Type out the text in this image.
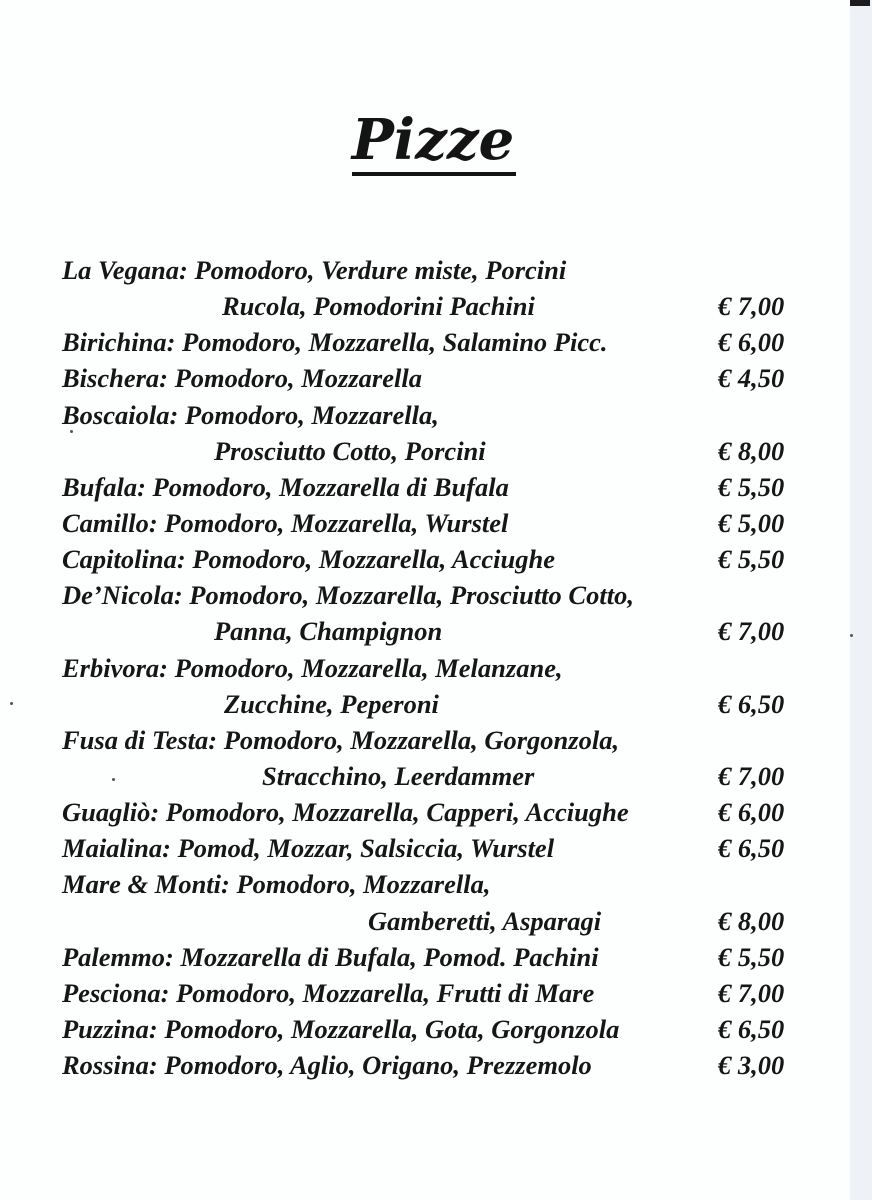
Pizze
La Vegana: Pomodoro, Verdure miste, Porcini
Rucola, Pomodorini Pachini	€ 7,00
Birichina: Pomodoro, Mozzarella, Salamino Picc.	€ 6,00
Bischera: Pomodoro, Mozzarella	€ 4,50
Boscaiola: Pomodoro, Mozzarella,
Prosciutto Cotto, Porcini	€ 8,00
Bufala: Pomodoro, Mozzarella di Bufala	€ 5,50
Camillo: Pomodoro, Mozzarella, Wurstel	€ 5,00
Capitolina: Pomodoro, Mozzarella, Acciughe	€ 5,50
De’Nicola: Pomodoro, Mozzarella, Prosciutto Cotto,
Panna, Champignon	€ 7,00
Erbivora: Pomodoro, Mozzarella, Melanzane,
Zucchine, Peperoni	€ 6,50
Fusa di Testa: Pomodoro, Mozzarella, Gorgonzola,
Stracchino, Leerdammer	€ 7,00
Guagliò: Pomodoro, Mozzarella, Capperi, Acciughe	€ 6,00
Maialina: Pomod, Mozzar, Salsiccia, Wurstel	€ 6,50
Mare & Monti: Pomodoro, Mozzarella,
Gamberetti, Asparagi	€ 8,00
Palemmo: Mozzarella di Bufala, Pomod. Pachini	€ 5,50
Pesciona: Pomodoro, Mozzarella, Frutti di Mare	€ 7,00
Puzzina: Pomodoro, Mozzarella, Gota, Gorgonzola	€ 6,50
Rossina: Pomodoro, Aglio, Origano, Prezzemolo	€ 3,00
